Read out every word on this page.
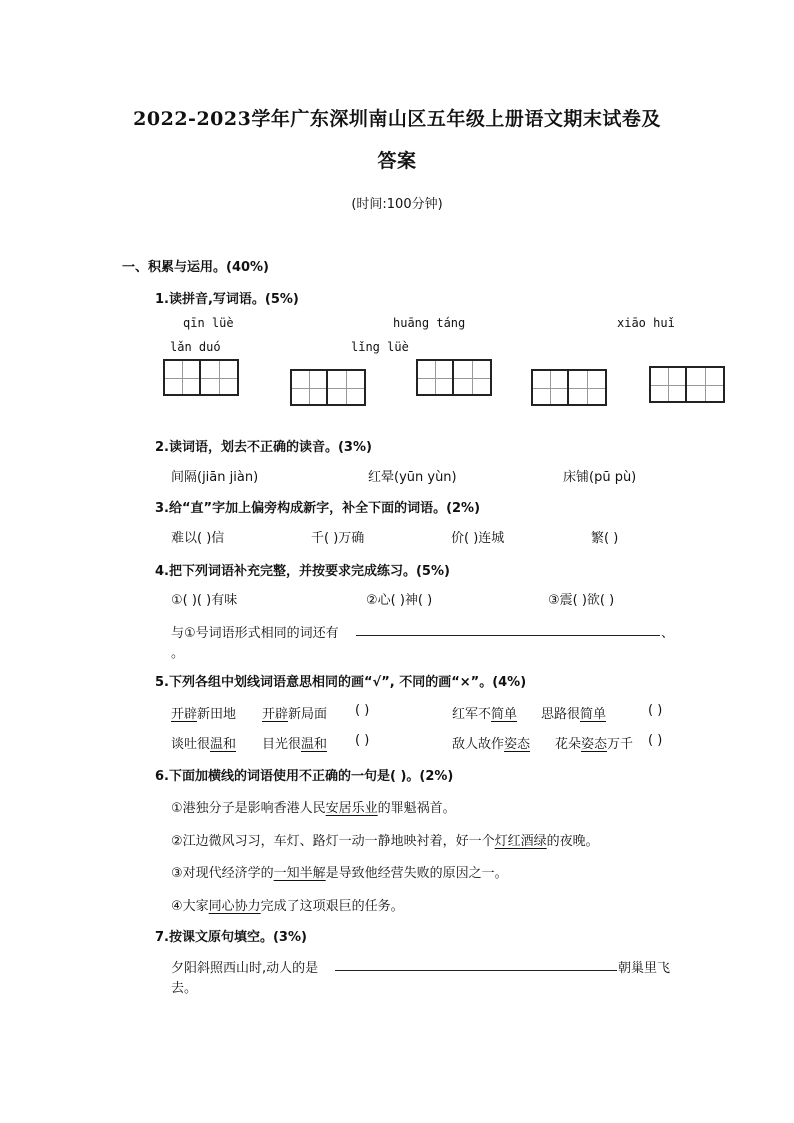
2022-2023学年广东深圳南山区五年级上册语文期末试卷及
答案
(时间:100分钟)
一、积累与运用。(40%)
1.读拼音,写词语。(5%)
qīn lüè	huāng táng	xiāo huǐ
lǎn duó	lǐng lüè
2.读词语，划去不正确的读音。(3%)
间隔(jiān jiàn)	红晕(yūn yùn)	床铺(pū pù)
3.给“直”字加上偏旁构成新字，补全下面的词语。(2%)
难以( )信	千( )万确	价( )连城	繁( )
4.把下列词语补充完整，并按要求完成练习。(5%)
①( )( )有味	②心( )神( )	③震( )欲( )
与①号词语形式相同的词还有	、
。
5.下列各组中划线词语意思相同的画“√”, 不同的画“×”。(4%)
开辟新田地 开辟新局面 ( )	红军不简单 思路很简单	( )
谈吐很温和 目光很温和 ( )	敌人故作姿态 花朵姿态万千 ( )
6.下面加横线的词语使用不正确的一句是( )。(2%)
①港独分子是影响香港人民安居乐业的罪魁祸首。
②江边微风习习，车灯、路灯一动一静地映衬着，好一个灯红酒绿的夜晚。
③对现代经济学的一知半解是导致他经营失败的原因之一。
④大家同心协力完成了这项艰巨的任务。
7.按课文原句填空。(3%)
夕阳斜照西山时,动人的是	朝巢里飞
去。
